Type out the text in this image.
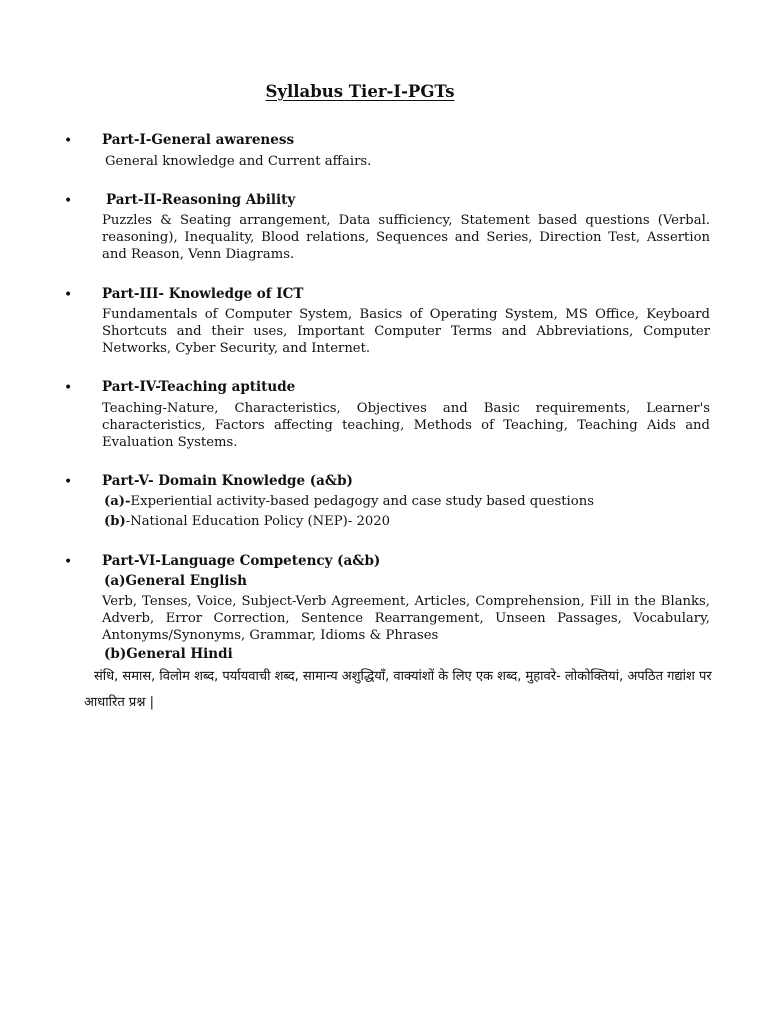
Syllabus Tier-I-PGTs
• Part-I-General awareness
General knowledge and Current affairs.
• Part-II-Reasoning Ability
Puzzles & Seating arrangement, Data sufficiency, Statement based questions (Verbal. reasoning), Inequality, Blood relations, Sequences and Series, Direction Test, Assertion and Reason, Venn Diagrams.
• Part-III- Knowledge of ICT
Fundamentals of Computer System, Basics of Operating System, MS Office, Keyboard Shortcuts and their uses, Important Computer Terms and Abbreviations, Computer Networks, Cyber Security, and Internet.
• Part-IV-Teaching aptitude
Teaching-Nature, Characteristics, Objectives and Basic requirements, Learner's characteristics, Factors affecting teaching, Methods of Teaching, Teaching Aids and Evaluation Systems.
• Part-V- Domain Knowledge (a&b)
(a)-Experiential activity-based pedagogy and case study based questions
(b)-National Education Policy (NEP)- 2020
• Part-VI-Language Competency (a&b)
(a)General English
Verb, Tenses, Voice, Subject-Verb Agreement, Articles, Comprehension, Fill in the Blanks, Adverb, Error Correction, Sentence Rearrangement, Unseen Passages, Vocabulary, Antonyms/Synonyms, Grammar, Idioms & Phrases
(b)General Hindi
संधि, समास, विलोम शब्द, पर्यायवाची शब्द, सामान्य अशुद्धियाँ, वाक्यांशों के लिए एक शब्द, मुहावरे- लोकोक्तियां, अपठित गद्यांश पर आधारित प्रश्न |
